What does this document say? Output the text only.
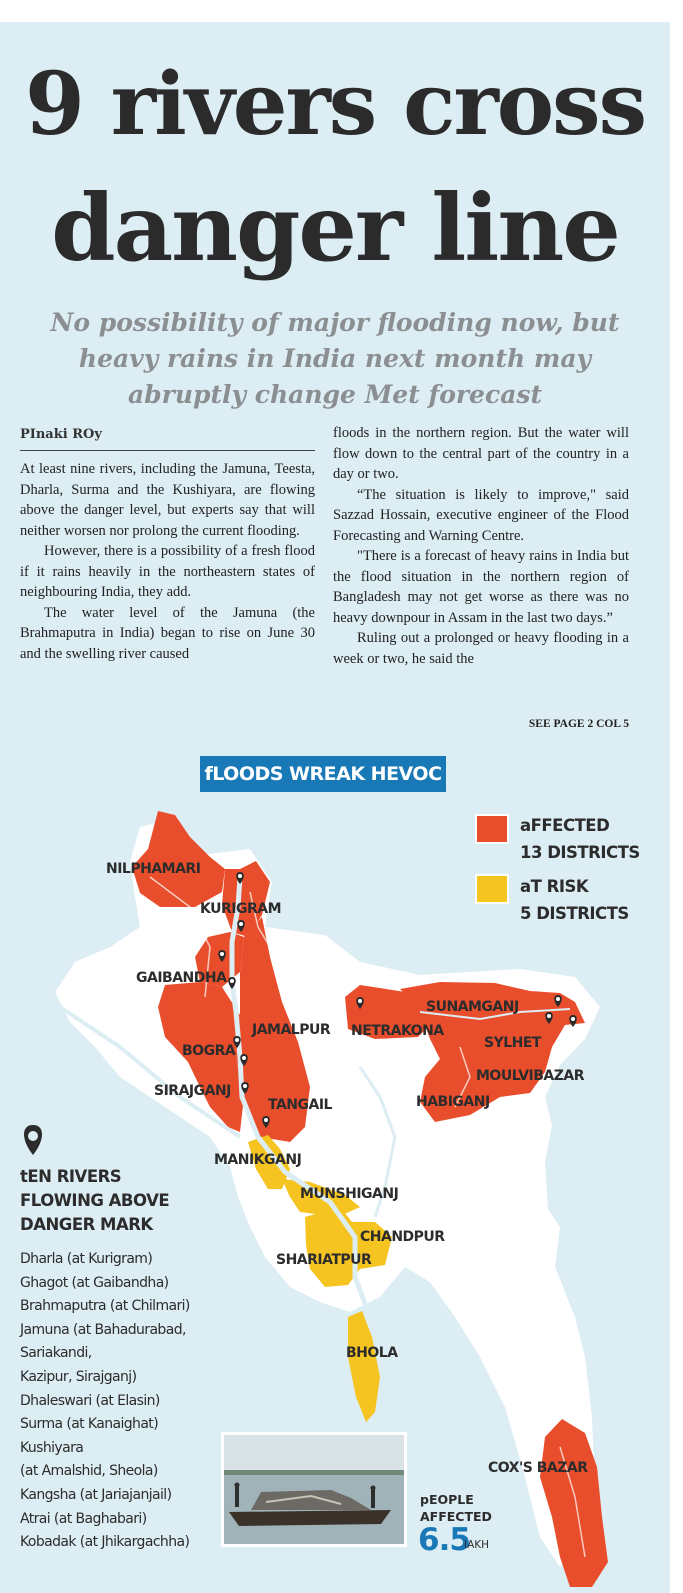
9 rivers cross
danger line

No possibility of major flooding now, but

heavy rains in India next month may

abruptly change Met forecast

PInaki ROy

At least nine rivers, including the Jamuna, Teesta, Dharla, Surma and the Kushiyara, are flowing above the danger level, but experts say that will neither worsen nor prolong the current flooding.

However, there is a possibility of a fresh flood if it rains heavily in the northeastern states of neighbouring India, they add.

The water level of the Jamuna (the Brahmaputra in India) began to rise on June 30 and the swelling river caused

floods in the northern region. But the water will flow down to the central part of the country in a day or two.

“The situation is likely to improve," said Sazzad Hossain, executive engineer of the Flood Forecasting and Warning Centre.

"There is a forecast of heavy rains in India but the flood situation in the northern region of Bangladesh may not get worse as there was no heavy downpour in Assam in the last two days.”

Ruling out a prolonged or heavy flooding in a week or two, he said the

SEE PAGE 2 COL 5
fLOODS WREAK HEVOC
NILPHAMARI
KURIGRAM
GAIBANDHA
BOGRA
SIRAJGANJ
JAMALPUR
TANGAIL
NETRAKONA
SUNAMGANJ
SYLHET
MOULVIBAZAR
HABIGANJ
MANIKGANJ
MUNSHIGANJ
CHANDPUR
SHARIATPUR
BHOLA
COX'S BAZAR
aFFECTED
13 DISTRICTS
aT RISK
5 DISTRICTS
tEN RIVERS
FLOWING ABOVE
DANGER MARK
Dharla (at Kurigram)
Ghagot (at Gaibandha)
Brahmaputra (at Chilmari)
Jamuna (at Bahadurabad,
Sariakandi,
Kazipur, Sirajganj)
Dhaleswari (at Elasin)
Surma (at Kanaighat)
Kushiyara
(at Amalshid, Sheola)
Kangsha (at Jariajanjail)
Atrai (at Baghabari)
Kobadak (at Jhikargachha)
pEOPLE
AFFECTED
6.5
IAKH
